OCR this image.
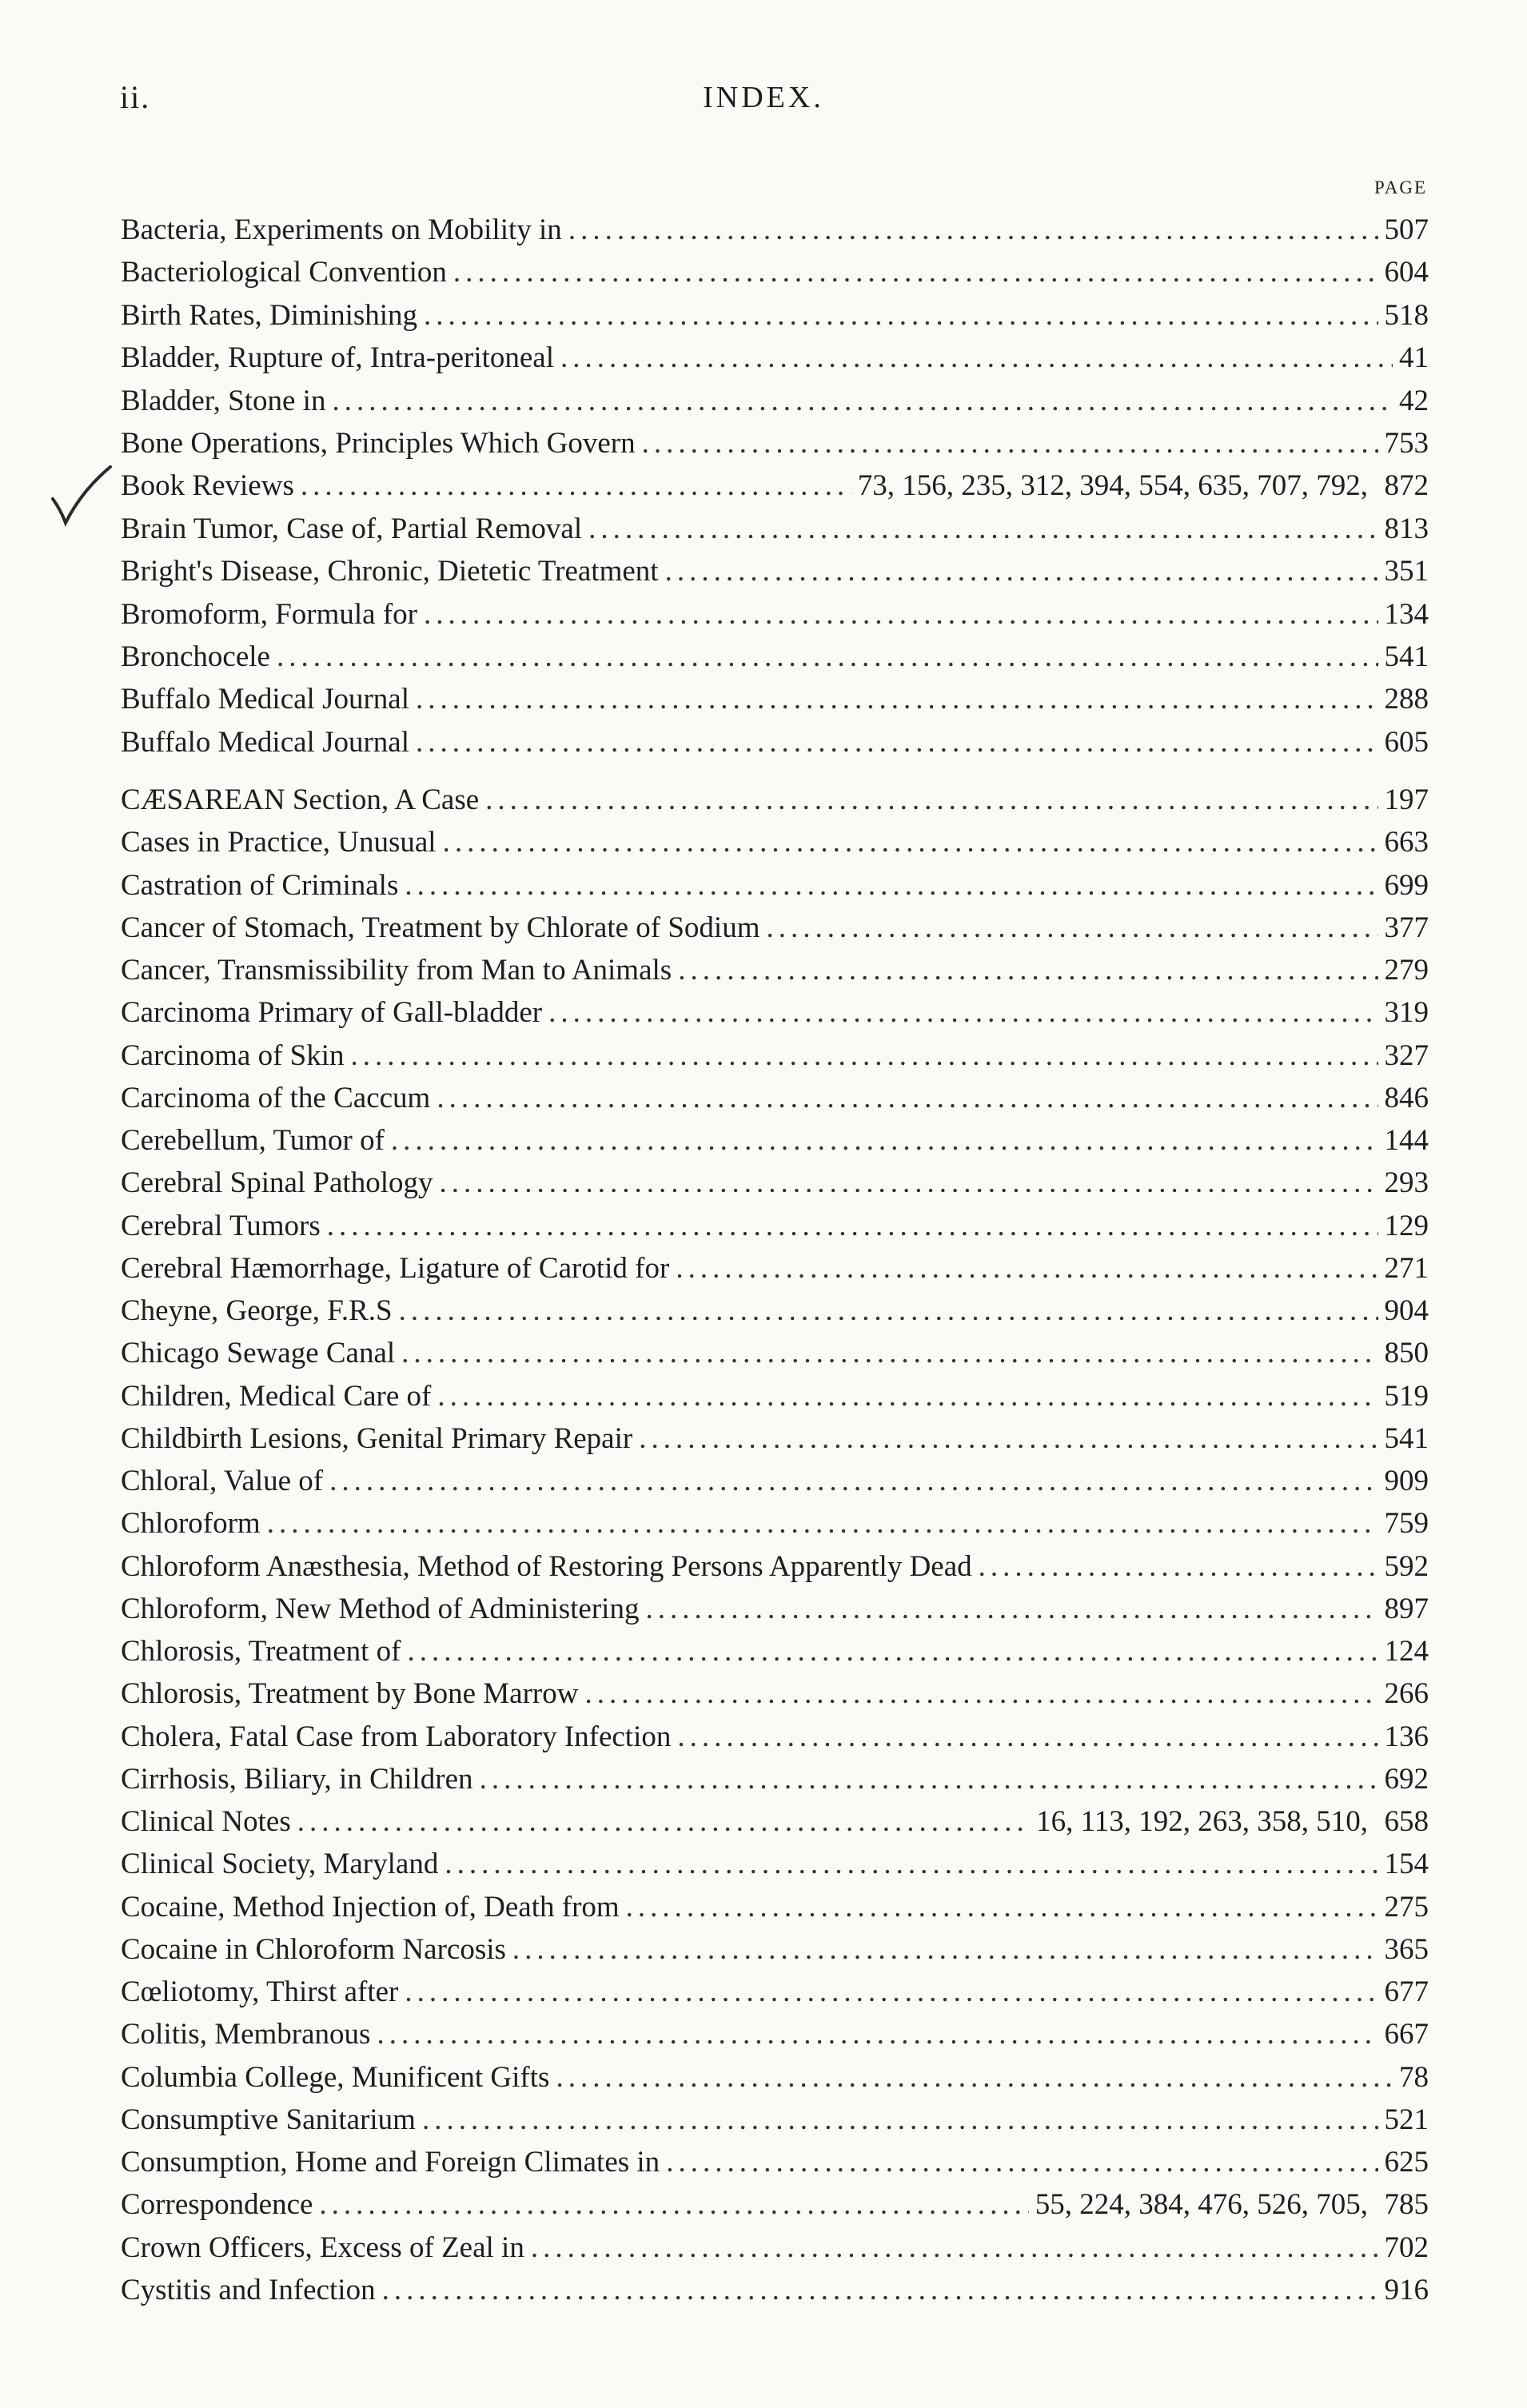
ii.	INDEX.
PAGE
Bacteria, Experiments on Mobility in .....	507
Bacteriological Convention .....	604
Birth Rates, Diminishing .....	518
Bladder, Rupture of, Intra-peritoneal .....	41
Bladder, Stone in .....	42
Bone Operations, Principles Which Govern .....	753
Book Reviews .....	73, 156, 235, 312, 394, 554, 635, 707, 792, 872
Brain Tumor, Case of, Partial Removal .....	813
Bright's Disease, Chronic, Dietetic Treatment .....	351
Bromoform, Formula for .....	134
Bronchocele .....	541
Buffalo Medical Journal .....	288
Buffalo Medical Journal .....	605
CÆSAREAN Section, A Case .....	197
Cases in Practice, Unusual .....	663
Castration of Criminals .....	699
Cancer of Stomach, Treatment by Chlorate of Sodium .....	377
Cancer, Transmissibility from Man to Animals .....	279
Carcinoma Primary of Gall-bladder .....	319
Carcinoma of Skin .....	327
Carcinoma of the Caccum .....	846
Cerebellum, Tumor of .....	144
Cerebral Spinal Pathology .....	293
Cerebral Tumors .....	129
Cerebral Hæmorrhage, Ligature of Carotid for .....	271
Cheyne, George, F.R.S .....	904
Chicago Sewage Canal .....	850
Children, Medical Care of .....	519
Childbirth Lesions, Genital Primary Repair .....	541
Chloral, Value of .....	909
Chloroform .....	759
Chloroform Anæsthesia, Method of Restoring Persons Apparently Dead .....	592
Chloroform, New Method of Administering .....	897
Chlorosis, Treatment of .....	124
Chlorosis, Treatment by Bone Marrow .....	266
Cholera, Fatal Case from Laboratory Infection .....	136
Cirrhosis, Biliary, in Children .....	692
Clinical Notes .....	16, 113, 192, 263, 358, 510, 658
Clinical Society, Maryland .....	154
Cocaine, Method Injection of, Death from .....	275
Cocaine in Chloroform Narcosis .....	365
Cœliotomy, Thirst after .....	677
Colitis, Membranous .....	667
Columbia College, Munificent Gifts .....	78
Consumptive Sanitarium .....	521
Consumption, Home and Foreign Climates in .....	625
Correspondence .....	55, 224, 384, 476, 526, 705, 785
Crown Officers, Excess of Zeal in .....	702
Cystitis and Infection .....	916
